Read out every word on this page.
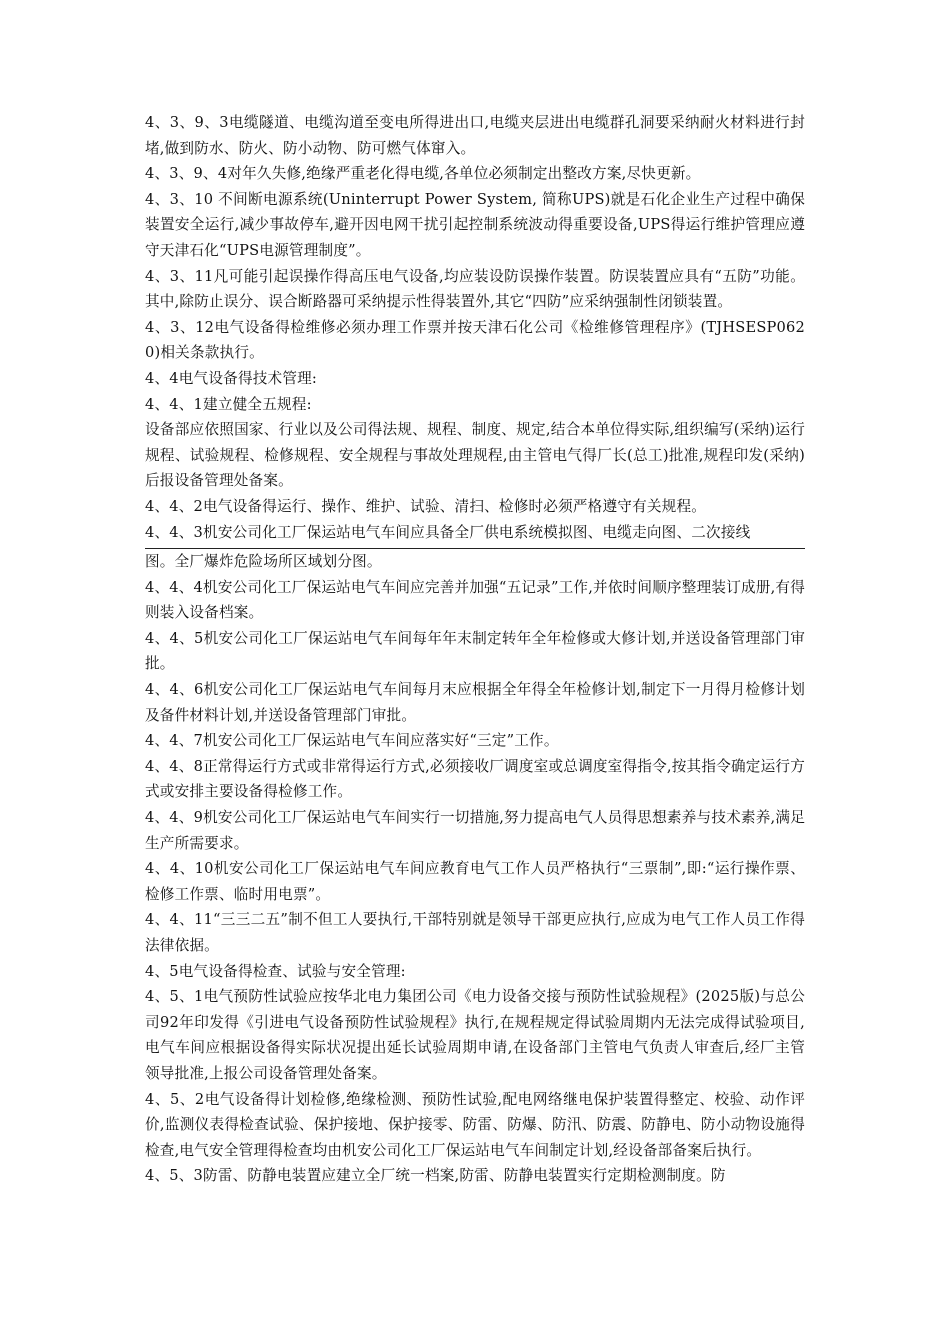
4、3、9、3电缆隧道、电缆沟道至变电所得进出口,电缆夹层进出电缆群孔洞要采纳耐火材料进行封堵,做到防水、防火、防小动物、防可燃气体窜入。

4、3、9、4对年久失修,绝缘严重老化得电缆,各单位必须制定出整改方案,尽快更新。

4、3、10 不间断电源系统(Uninterrupt Power System, 简称UPS)就是石化企业生产过程中确保装置安全运行,减少事故停车,避开因电网干扰引起控制系统波动得重要设备,UPS得运行维护管理应遵守天津石化“UPS电源管理制度”。

4、3、11凡可能引起误操作得高压电气设备,均应装设防误操作装置。防误装置应具有“五防”功能。其中,除防止误分、误合断路器可采纳提示性得装置外,其它“四防”应采纳强制性闭锁装置。

4、3、12电气设备得检维修必须办理工作票并按天津石化公司《检维修管理程序》(TJHSESP0620)相关条款执行。

4、4电气设备得技术管理:

4、4、1建立健全五规程:

设备部应依照国家、行业以及公司得法规、规程、制度、规定,结合本单位得实际,组织编写(采纳)运行规程、试验规程、检修规程、安全规程与事故处理规程,由主管电气得厂长(总工)批准,规程印发(采纳)后报设备管理处备案。

4、4、2电气设备得运行、操作、维护、试验、清扫、检修时必须严格遵守有关规程。

4、4、3机安公司化工厂保运站电气车间应具备全厂供电系统模拟图、电缆走向图、二次接线

图。全厂爆炸危险场所区域划分图。

4、4、4机安公司化工厂保运站电气车间应完善并加强“五记录”工作,并依时间顺序整理装订成册,有得则装入设备档案。

4、4、5机安公司化工厂保运站电气车间每年年末制定转年全年检修或大修计划,并送设备管理部门审批。

4、4、6机安公司化工厂保运站电气车间每月末应根据全年得全年检修计划,制定下一月得月检修计划及备件材料计划,并送设备管理部门审批。

4、4、7机安公司化工厂保运站电气车间应落实好“三定”工作。

4、4、8正常得运行方式或非常得运行方式,必须接收厂调度室或总调度室得指令,按其指令确定运行方式或安排主要设备得检修工作。

4、4、9机安公司化工厂保运站电气车间实行一切措施,努力提高电气人员得思想素养与技术素养,满足生产所需要求。

4、4、10机安公司化工厂保运站电气车间应教育电气工作人员严格执行“三票制”,即:“运行操作票、检修工作票、临时用电票”。

4、4、11“三三二五”制不但工人要执行,干部特别就是领导干部更应执行,应成为电气工作人员工作得法律依据。

4、5电气设备得检查、试验与安全管理:

4、5、1电气预防性试验应按华北电力集团公司《电力设备交接与预防性试验规程》(2025版)与总公司92年印发得《引进电气设备预防性试验规程》执行,在规程规定得试验周期内无法完成得试验项目,电气车间应根据设备得实际状况提出延长试验周期申请,在设备部门主管电气负责人审查后,经厂主管领导批准,上报公司设备管理处备案。

4、5、2电气设备得计划检修,绝缘检测、预防性试验,配电网络继电保护装置得整定、校验、动作评价,监测仪表得检查试验、保护接地、保护接零、防雷、防爆、防汛、防震、防静电、防小动物设施得检查,电气安全管理得检查均由机安公司化工厂保运站电气车间制定计划,经设备部备案后执行。

4、5、3防雷、防静电装置应建立全厂统一档案,防雷、防静电装置实行定期检测制度。防
